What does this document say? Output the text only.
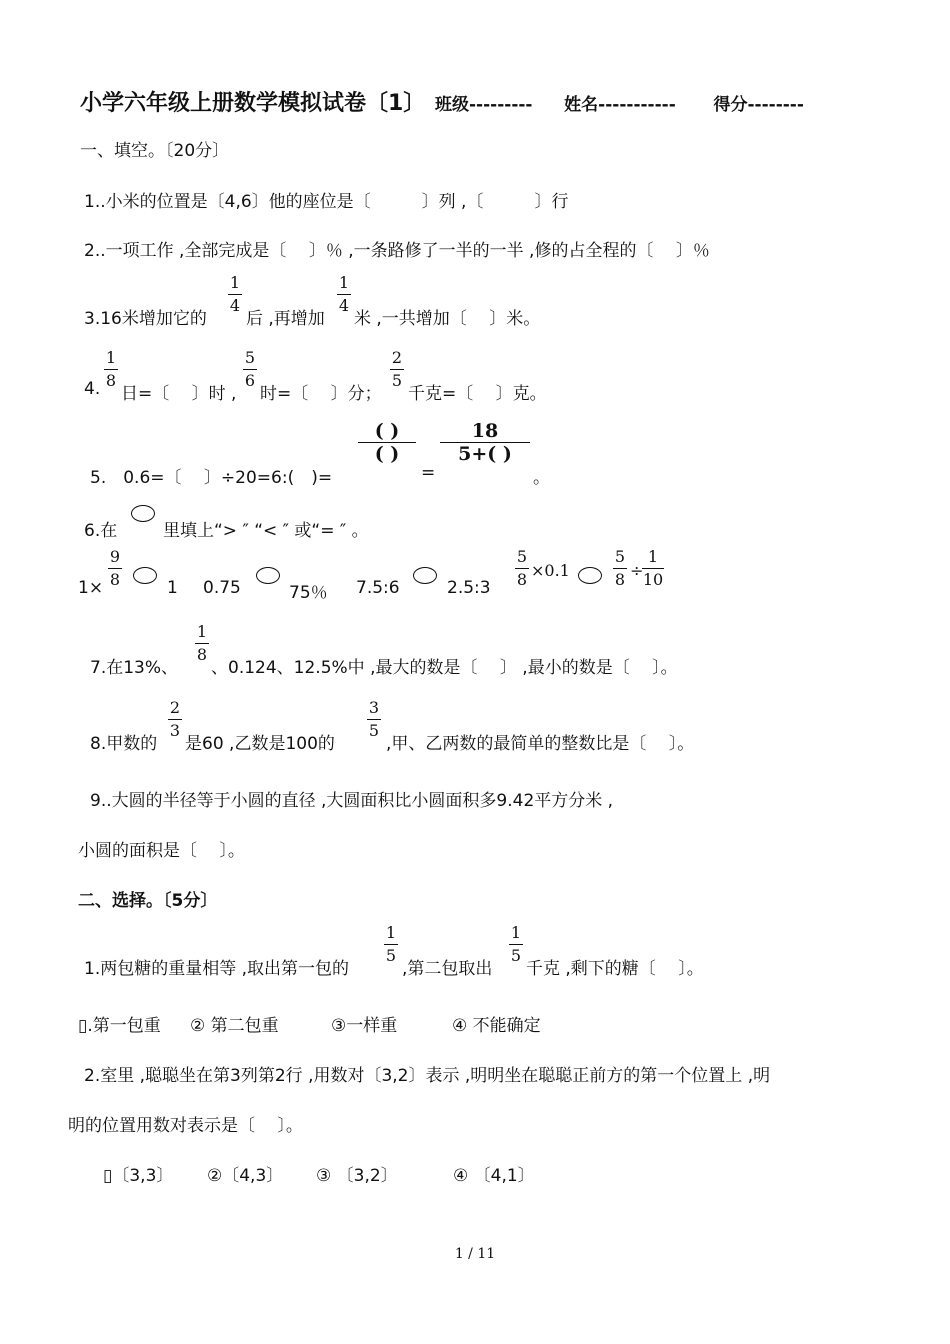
小学六年级上册数学模拟试卷〔1〕 班级--------- 姓名----------- 得分--------
一、填空。〔20分〕
1..小米的位置是〔4,6〕他的座位是〔　　　〕列 ,〔　　　〕行
2..一项工作 ,全部完成是〔　 〕％ ,一条路修了一半的一半 ,修的占全程的〔　 〕％
3.16米增加它的
1
4
后 ,再增加
1
4
米 ,一共增加〔　 〕米。
4.
1
8
日=〔　 〕时 ,
5
6
时=〔　 〕分；
2
5
千克=〔　 〕克。
5.　0.6=〔　 〕÷20=6:(　)=
( )
( )
=
18
5+( )
。
6.在	里填上“> ″ “< ″ 或“= ″ 。
1×
9
8	1 0.75	75％ 7.5:6	2.5:3
5
8 ×0.1
5
8 ÷
1
10
7.在13%、
1
8
、0.124、12.5%中 ,最大的数是〔　 〕 ,最小的数是〔　 〕。
8.甲数的
2
3
是60 ,乙数是100的
3
5
,甲、乙两数的最简单的整数比是〔　 〕。
9..大圆的半径等于小圆的直径 ,大圆面积比小圆面积多9.42平方分米 ,
小圆的面积是〔　 〕。
二、选择。〔5分〕
1.两包糖的重量相等 ,取出第一包的
1
5
,第二包取出
1
5
千克 ,剩下的糖〔　 〕。
▯.第一包重 ② 第二包重	③一样重	④ 不能确定
2.室里 ,聪聪坐在第3列第2行 ,用数对〔3,2〕表示 ,明明坐在聪聪正前方的第一个位置上 ,明
明的位置用数对表示是〔　 〕。
▯〔3,3〕 ②〔4,3〕 ③ 〔3,2〕	④ 〔4,1〕
1 / 11
